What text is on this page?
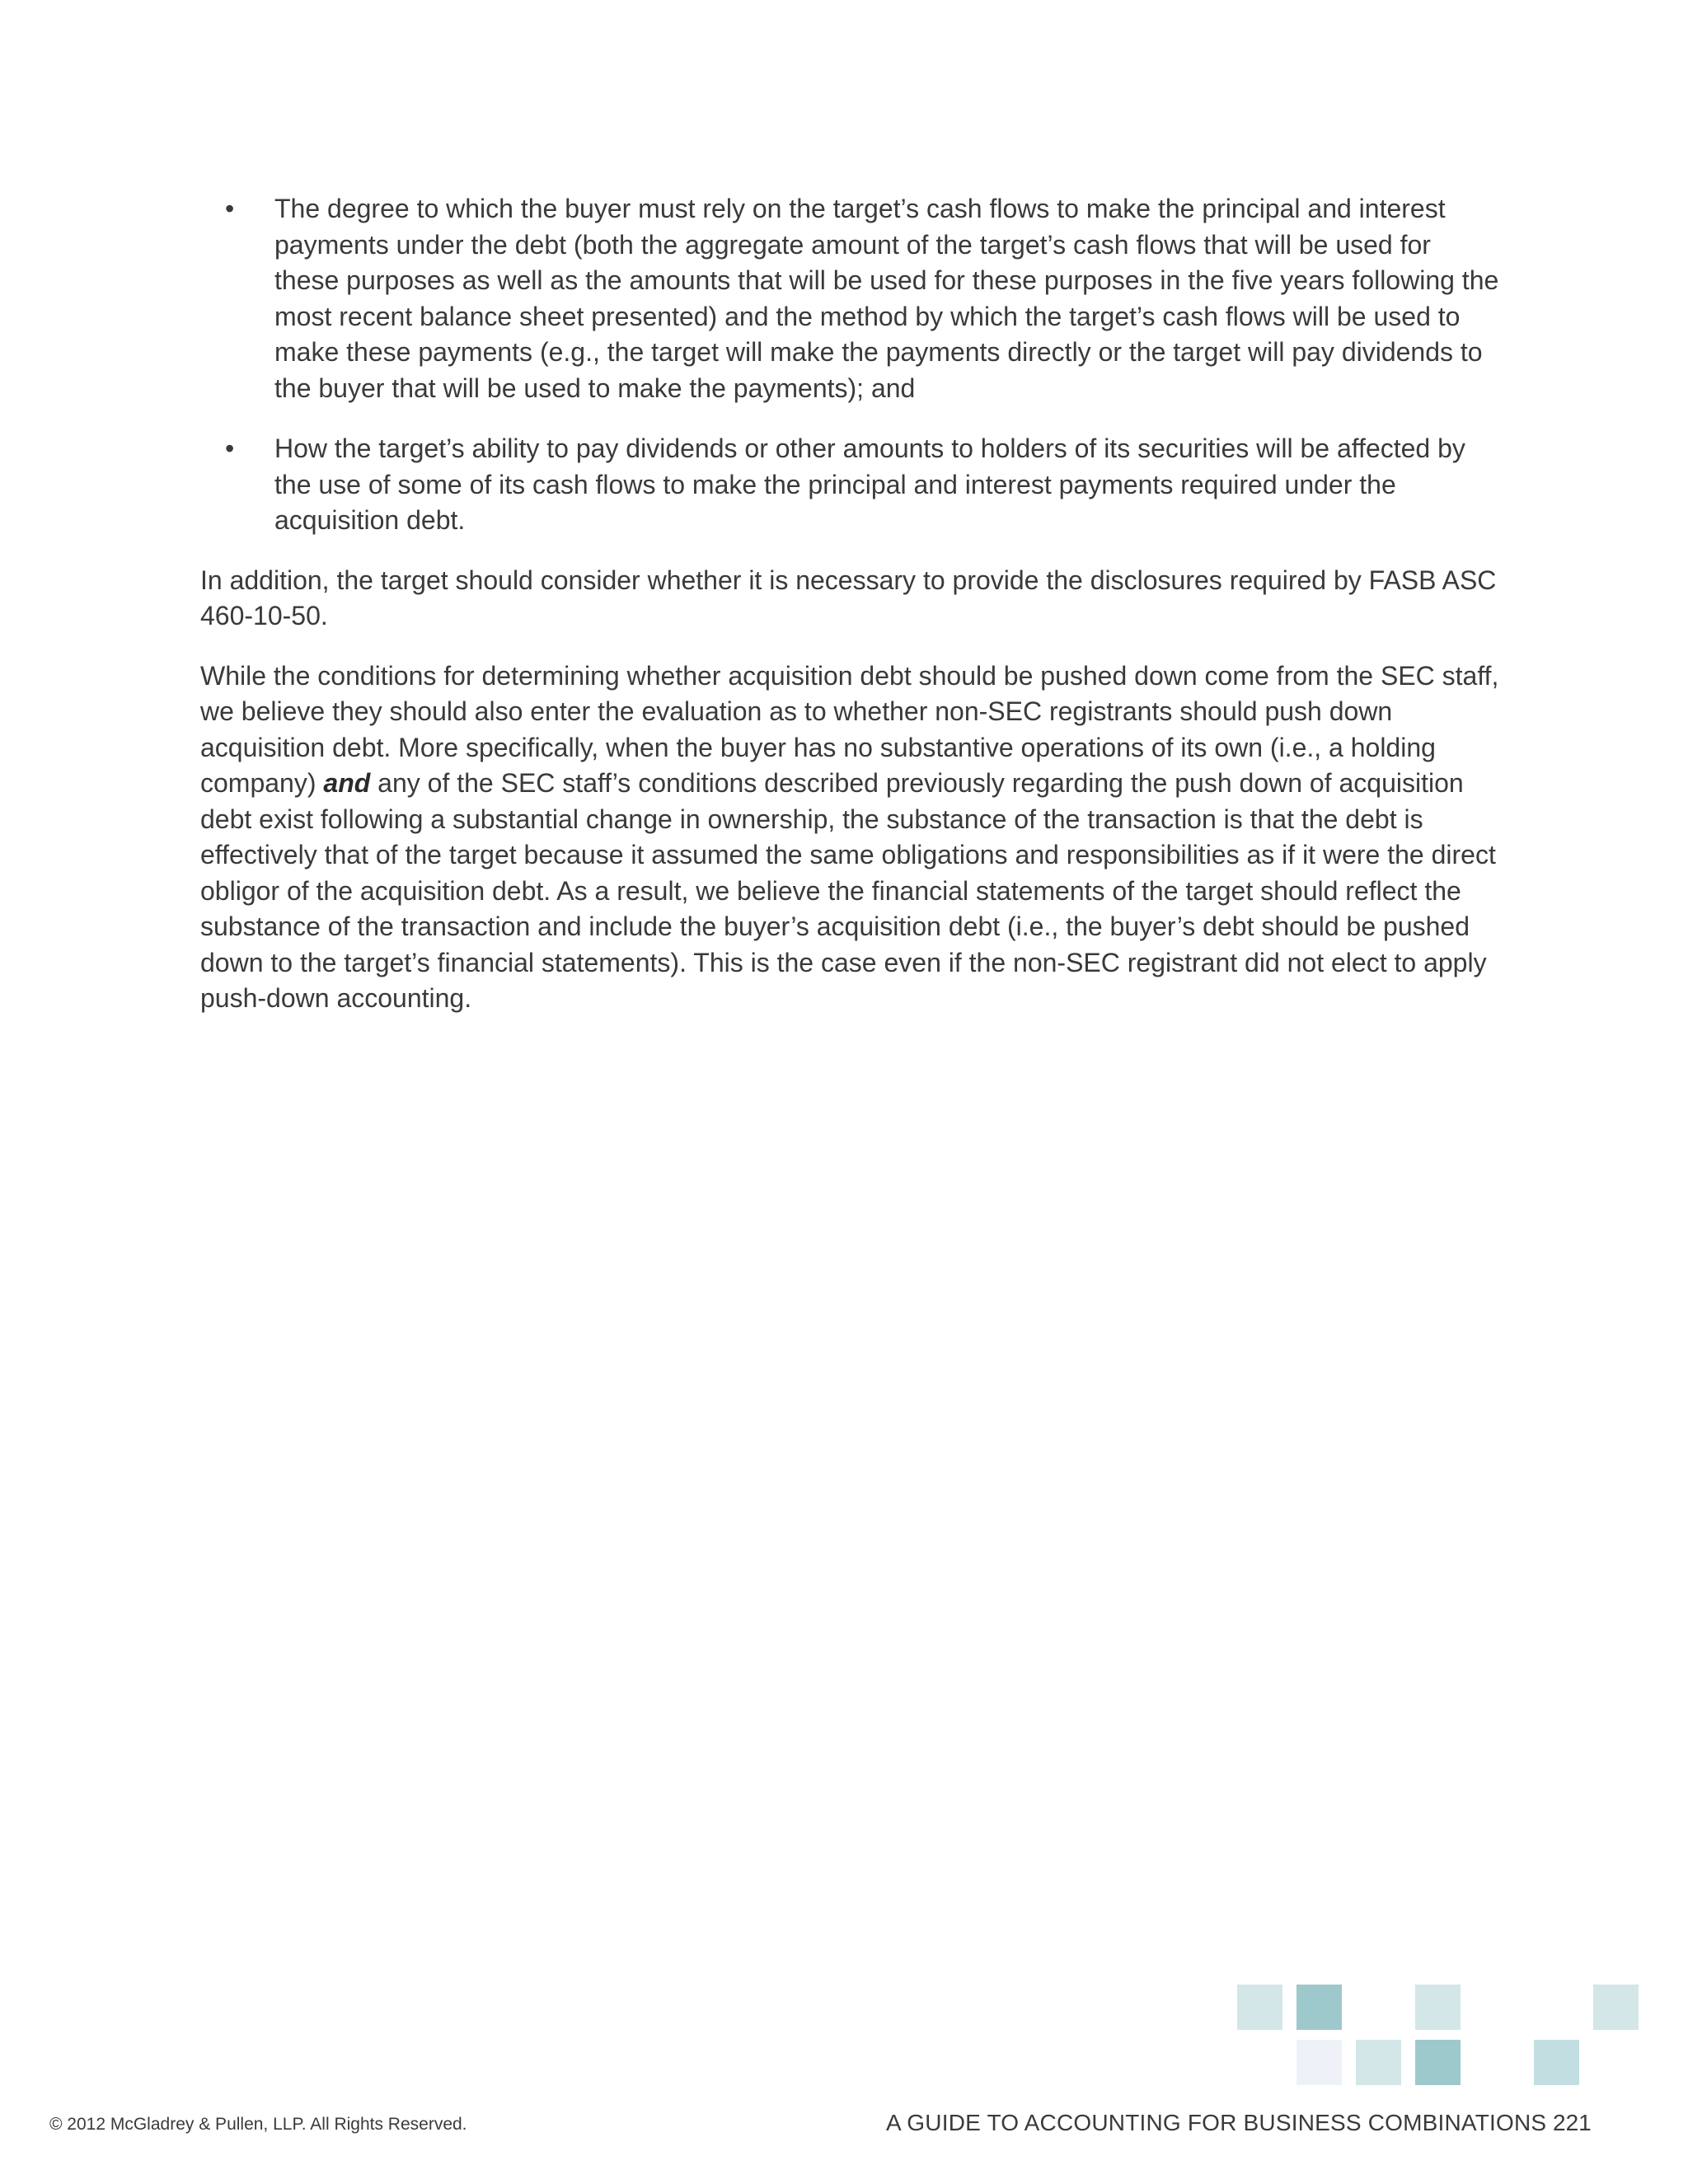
• The degree to which the buyer must rely on the target’s cash flows to make the principal and interest payments under the debt (both the aggregate amount of the target’s cash flows that will be used for these purposes as well as the amounts that will be used for these purposes in the five years following the most recent balance sheet presented) and the method by which the target’s cash flows will be used to make these payments (e.g., the target will make the payments directly or the target will pay dividends to the buyer that will be used to make the payments); and
• How the target’s ability to pay dividends or other amounts to holders of its securities will be affected by the use of some of its cash flows to make the principal and interest payments required under the acquisition debt.

In addition, the target should consider whether it is necessary to provide the disclosures required by FASB ASC 460-10-50.

While the conditions for determining whether acquisition debt should be pushed down come from the SEC staff, we believe they should also enter the evaluation as to whether non-SEC registrants should push down acquisition debt. More specifically, when the buyer has no substantive operations of its own (i.e., a holding company) and any of the SEC staff’s conditions described previously regarding the push down of acquisition debt exist following a substantial change in ownership, the substance of the transaction is that the debt is effectively that of the target because it assumed the same obligations and responsibilities as if it were the direct obligor of the acquisition debt. As a result, we believe the financial statements of the target should reflect the substance of the transaction and include the buyer’s acquisition debt (i.e., the buyer’s debt should be pushed down to the target’s financial statements). This is the case even if the non-SEC registrant did not elect to apply push-down accounting.

© 2012 McGladrey & Pullen, LLP. All Rights Reserved.	A GUIDE TO ACCOUNTING FOR BUSINESS COMBINATIONS 221
